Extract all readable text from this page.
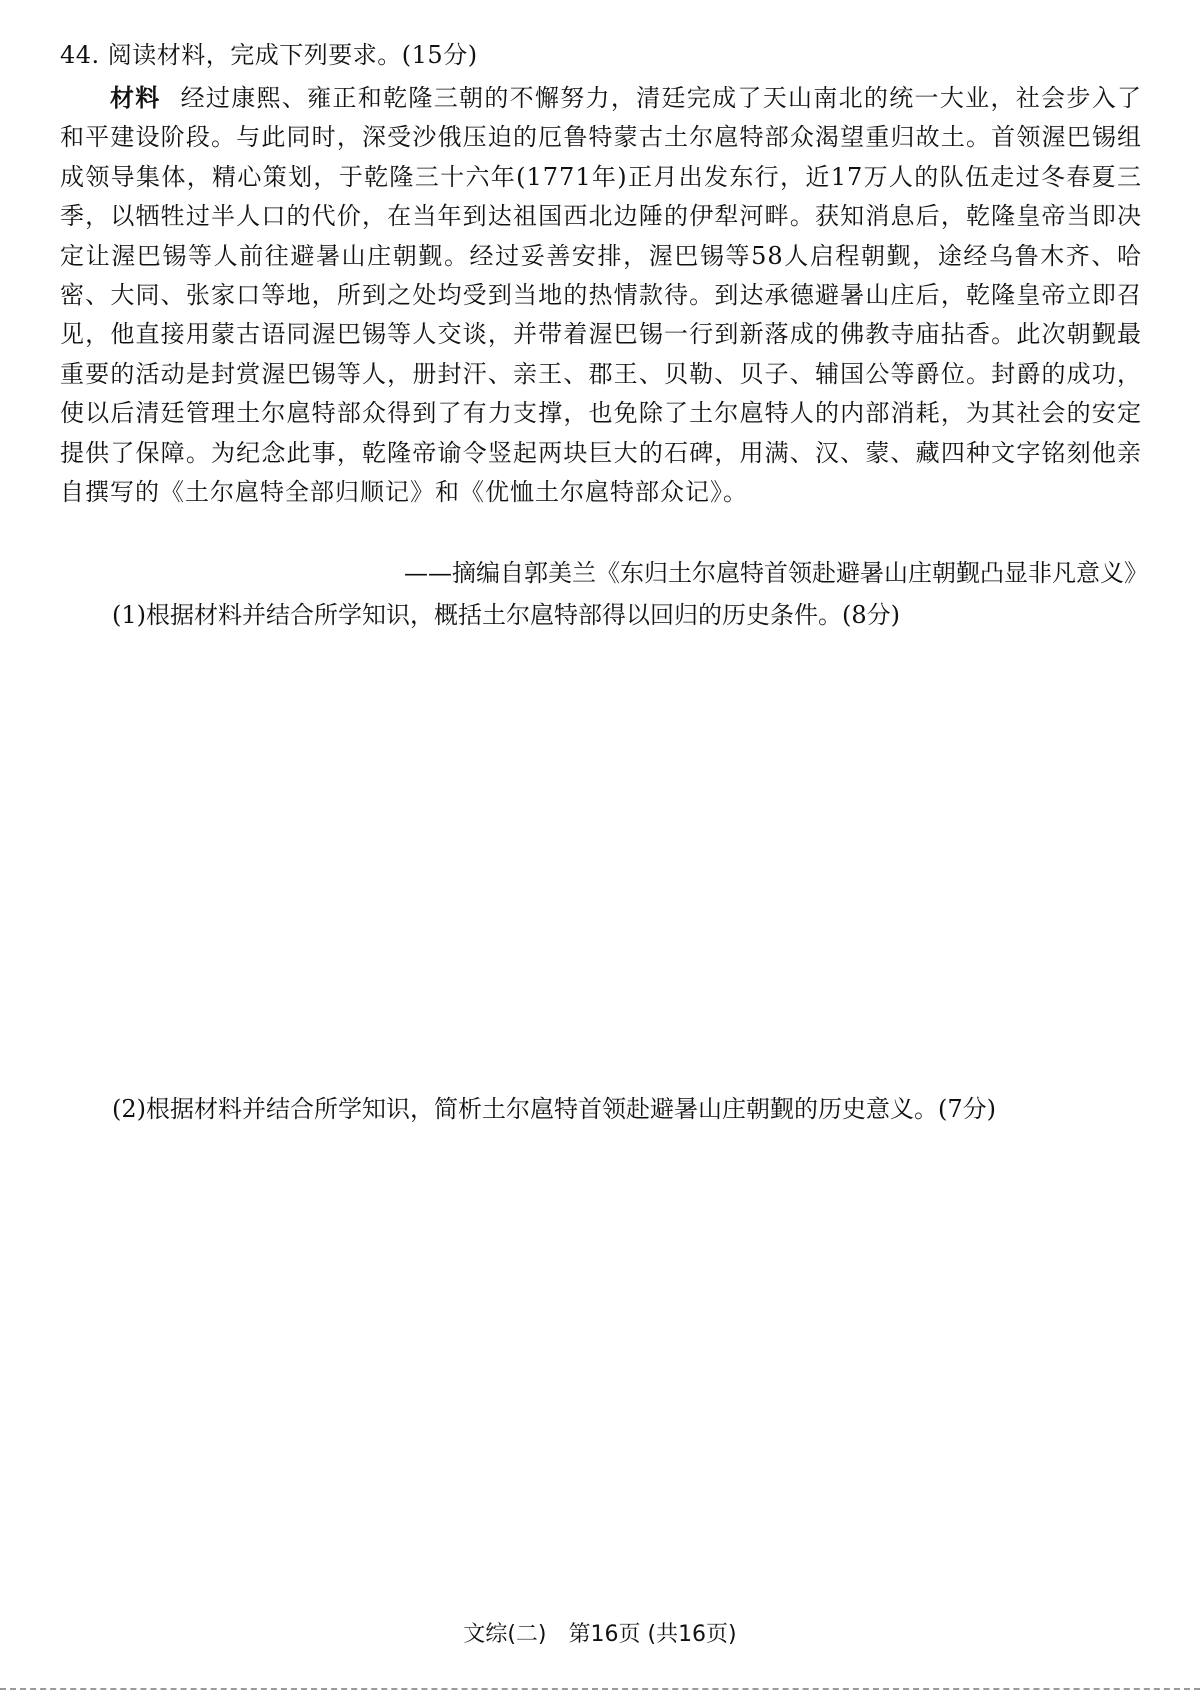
44. 阅读材料，完成下列要求。(15分)
材料 经过康熙、雍正和乾隆三朝的不懈努力，清廷完成了天山南北的统一大业，社会步入了和平建设阶段。与此同时，深受沙俄压迫的厄鲁特蒙古土尔扈特部众渴望重归故土。首领渥巴锡组成领导集体，精心策划，于乾隆三十六年(1771年)正月出发东行，近17万人的队伍走过冬春夏三季，以牺牲过半人口的代价，在当年到达祖国西北边陲的伊犁河畔。获知消息后，乾隆皇帝当即决定让渥巴锡等人前往避暑山庄朝觐。经过妥善安排，渥巴锡等58人启程朝觐，途经乌鲁木齐、哈密、大同、张家口等地，所到之处均受到当地的热情款待。到达承德避暑山庄后，乾隆皇帝立即召见，他直接用蒙古语同渥巴锡等人交谈，并带着渥巴锡一行到新落成的佛教寺庙拈香。此次朝觐最重要的活动是封赏渥巴锡等人，册封汗、亲王、郡王、贝勒、贝子、辅国公等爵位。封爵的成功，使以后清廷管理土尔扈特部众得到了有力支撑，也免除了土尔扈特人的内部消耗，为其社会的安定提供了保障。为纪念此事，乾隆帝谕令竖起两块巨大的石碑，用满、汉、蒙、藏四种文字铭刻他亲自撰写的《土尔扈特全部归顺记》和《优恤土尔扈特部众记》。
——摘编自郭美兰《东归土尔扈特首领赴避暑山庄朝觐凸显非凡意义》
(1)根据材料并结合所学知识，概括土尔扈特部得以回归的历史条件。(8分)
(2)根据材料并结合所学知识，简析土尔扈特首领赴避暑山庄朝觐的历史意义。(7分)
文综(二)　第16页 (共16页)
